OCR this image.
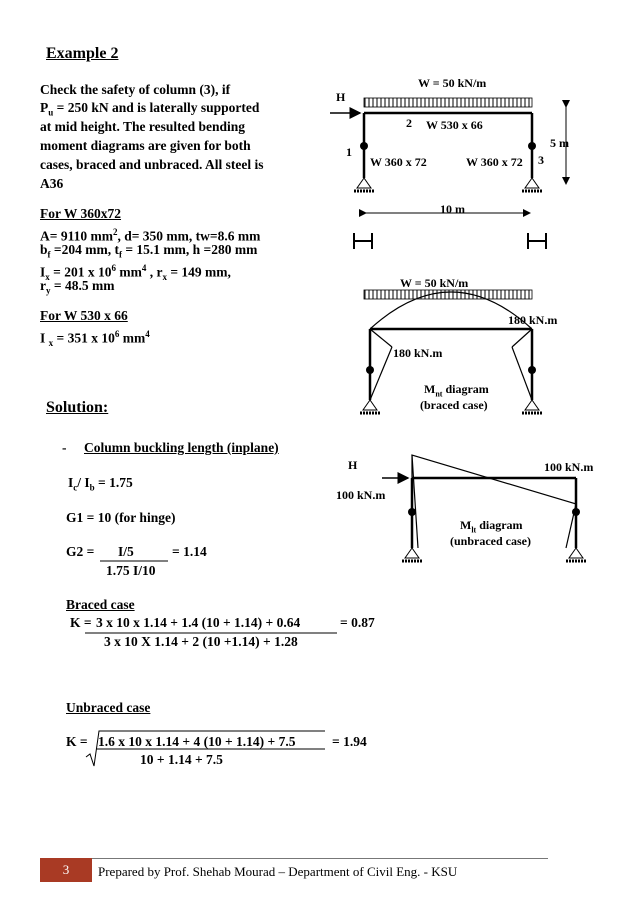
Example 2
Check the safety of column (3), if
$P_u = 250$ kN and is laterally supported
at mid height. The resulted bending
moment diagrams are given for both
cases, braced and unbraced. All steel is
A36
For W 360x72
A= 9110 $mm^2$, d= 350 mm, tw=8.6 mm
$b_f =204$ mm, $t_f = 15.1$ mm, h =280 mm
$I_x = 201$ x $10^6$ $mm^4$ , $r_x = 149$ mm,
$r_y = 48.5$ mm
For W 530 x 66
I $_x$ = 351 x $10^6$ $mm^4$
W = 50 kN/m
H
2 W 530 x 66
1
W 360 x 72	W 360 x 72 3
5 m
10 m
W = 50 kN/m
180 kN.m
180 kN.m
$M_{nt}$ diagram
(braced case)
H	100 kN.m
100 kN.m
$M_{lt}$ diagram
(unbraced case)
Solution:
- Column buckling length (inplane)
$I_c/$ $I_b = 1.75$
G1 = 10 (for hinge)
G2 = I/5	= 1.14
1.75 I/10
Braced case
K = 3 x 10 x 1.14 + 1.4 (10 + 1.14) + 0.64	= 0.87
3 x 10 X 1.14 + 2 (10 +1.14) + 1.28
Unbraced case
K = 1.6 x 10 x 1.14 + 4 (10 + 1.14) + 7.5	= 1.94
10 + 1.14 + 7.5
3	Prepared by Prof. Shehab Mourad – Department of Civil Eng. - KSU
